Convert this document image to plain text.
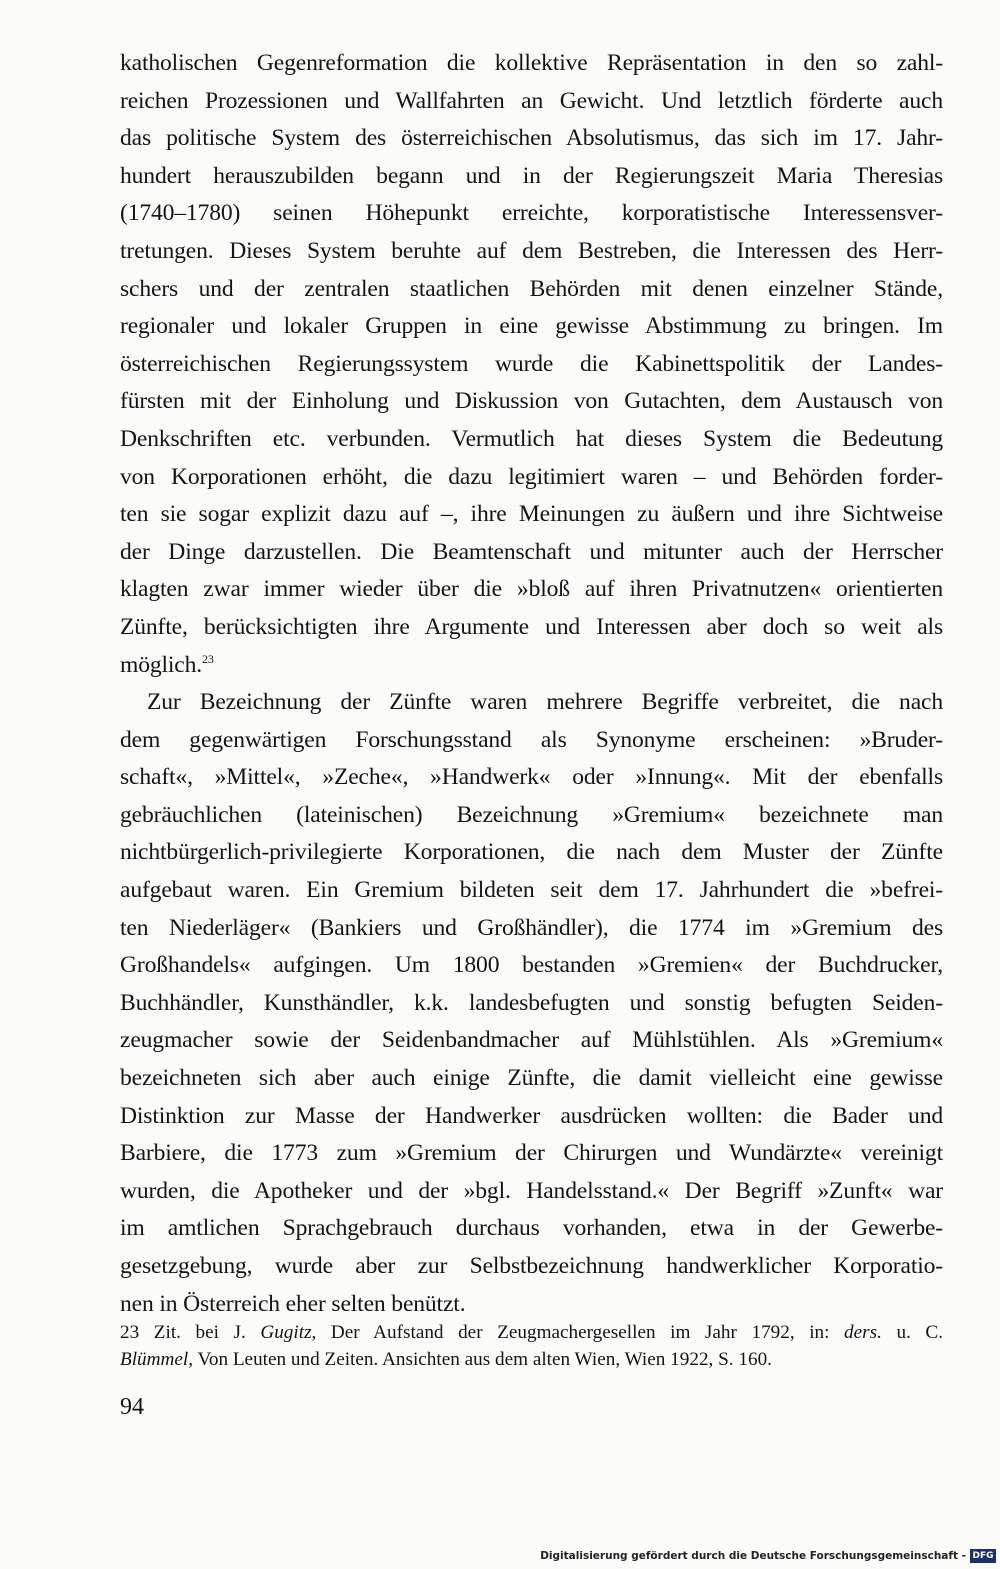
katholischen Gegenreformation die kollektive Repräsentation in den so zahl-
reichen Prozessionen und Wallfahrten an Gewicht. Und letztlich förderte auch
das politische System des österreichischen Absolutismus, das sich im 17. Jahr-
hundert herauszubilden begann und in der Regierungszeit Maria Theresias
(1740–1780) seinen Höhepunkt erreichte, korporatistische Interessensver-
tretungen. Dieses System beruhte auf dem Bestreben, die Interessen des Herr-
schers und der zentralen staatlichen Behörden mit denen einzelner Stände,
regionaler und lokaler Gruppen in eine gewisse Abstimmung zu bringen. Im
österreichischen Regierungssystem wurde die Kabinettspolitik der Landes-
fürsten mit der Einholung und Diskussion von Gutachten, dem Austausch von
Denkschriften etc. verbunden. Vermutlich hat dieses System die Bedeutung
von Korporationen erhöht, die dazu legitimiert waren – und Behörden forder-
ten sie sogar explizit dazu auf –, ihre Meinungen zu äußern und ihre Sichtweise
der Dinge darzustellen. Die Beamtenschaft und mitunter auch der Herrscher
klagten zwar immer wieder über die »bloß auf ihren Privatnutzen« orientierten
Zünfte, berücksichtigten ihre Argumente und Interessen aber doch so weit als
möglich.$^{23}$
Zur Bezeichnung der Zünfte waren mehrere Begriffe verbreitet, die nach
dem gegenwärtigen Forschungsstand als Synonyme erscheinen: »Bruder-
schaft«, »Mittel«, »Zeche«, »Handwerk« oder »Innung«. Mit der ebenfalls
gebräuchlichen (lateinischen) Bezeichnung »Gremium« bezeichnete man
nichtbürgerlich-privilegierte Korporationen, die nach dem Muster der Zünfte
aufgebaut waren. Ein Gremium bildeten seit dem 17. Jahrhundert die »befrei-
ten Niederläger« (Bankiers und Großhändler), die 1774 im »Gremium des
Großhandels« aufgingen. Um 1800 bestanden »Gremien« der Buchdrucker,
Buchhändler, Kunsthändler, k.k. landesbefugten und sonstig befugten Seiden-
zeugmacher sowie der Seidenbandmacher auf Mühlstühlen. Als »Gremium«
bezeichneten sich aber auch einige Zünfte, die damit vielleicht eine gewisse
Distinktion zur Masse der Handwerker ausdrücken wollten: die Bader und
Barbiere, die 1773 zum »Gremium der Chirurgen und Wundärzte« vereinigt
wurden, die Apotheker und der »bgl. Handelsstand.« Der Begriff »Zunft« war
im amtlichen Sprachgebrauch durchaus vorhanden, etwa in der Gewerbe-
gesetzgebung, wurde aber zur Selbstbezeichnung handwerklicher Korporatio-
nen in Österreich eher selten benützt.
23 Zit. bei J. Gugitz, Der Aufstand der Zeugmachergesellen im Jahr 1792, in: ders. u. C.
Blümmel, Von Leuten und Zeiten. Ansichten aus dem alten Wien, Wien 1922, S. 160.
94
Digitalisierung gefördert durch die Deutsche Forschungsgemeinschaft - DFG
